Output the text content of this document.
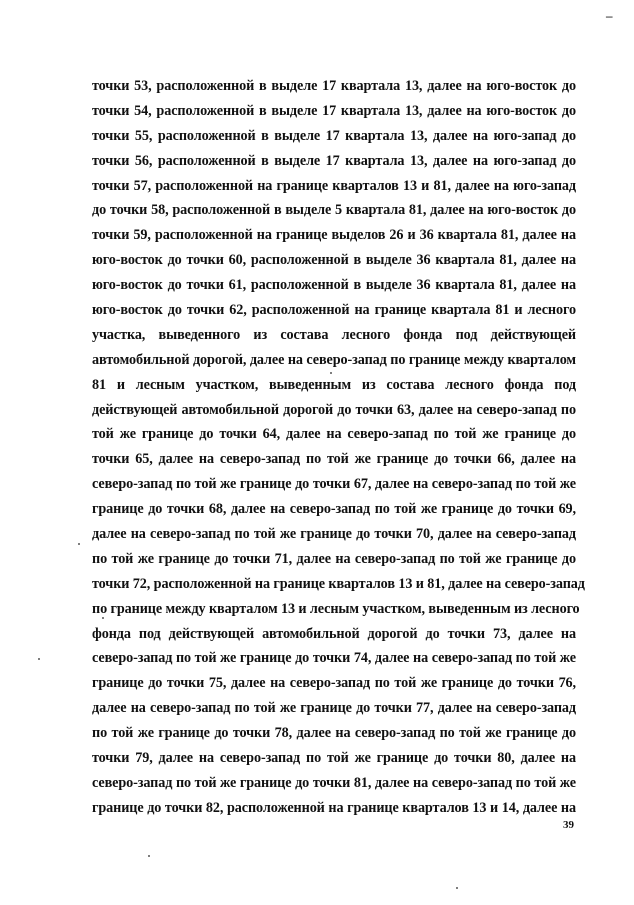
–
точки 53, расположенной в выделе 17 квартала 13, далее на юго-восток до
точки 54, расположенной в выделе 17 квартала 13, далее на юго-восток до
точки 55, расположенной в выделе 17 квартала 13, далее на юго-запад до
точки 56, расположенной в выделе 17 квартала 13, далее на юго-запад до
точки 57, расположенной на границе кварталов 13 и 81, далее на юго-запад
до точки 58, расположенной в выделе 5 квартала 81, далее на юго-восток до
точки 59, расположенной на границе выделов 26 и 36 квартала 81, далее на
юго-восток до точки 60, расположенной в выделе 36 квартала 81, далее на
юго-восток до точки 61, расположенной в выделе 36 квартала 81, далее на
юго-восток до точки 62, расположенной на границе квартала 81 и лесного
участка, выведенного из состава лесного фонда под действующей
автомобильной дорогой, далее на северо-запад по границе между кварталом
81 и лесным участком, выведенным из состава лесного фонда под
действующей автомобильной дорогой до точки 63, далее на северо-запад по
той же границе до точки 64, далее на северо-запад по той же границе до
точки 65, далее на северо-запад по той же границе до точки 66, далее на
северо-запад по той же границе до точки 67, далее на северо-запад по той же
границе до точки 68, далее на северо-запад по той же границе до точки 69,
далее на северо-запад по той же границе до точки 70, далее на северо-запад
по той же границе до точки 71, далее на северо-запад по той же границе до
точки 72, расположенной на границе кварталов 13 и 81, далее на северо-запад
по границе между кварталом 13 и лесным участком, выведенным из лесного
фонда под действующей автомобильной дорогой до точки 73, далее на
северо-запад по той же границе до точки 74, далее на северо-запад по той же
границе до точки 75, далее на северо-запад по той же границе до точки 76,
далее на северо-запад по той же границе до точки 77, далее на северо-запад
по той же границе до точки 78, далее на северо-запад по той же границе до
точки 79, далее на северо-запад по той же границе до точки 80, далее на
северо-запад по той же границе до точки 81, далее на северо-запад по той же
границе до точки 82, расположенной на границе кварталов 13 и 14, далее на
39
